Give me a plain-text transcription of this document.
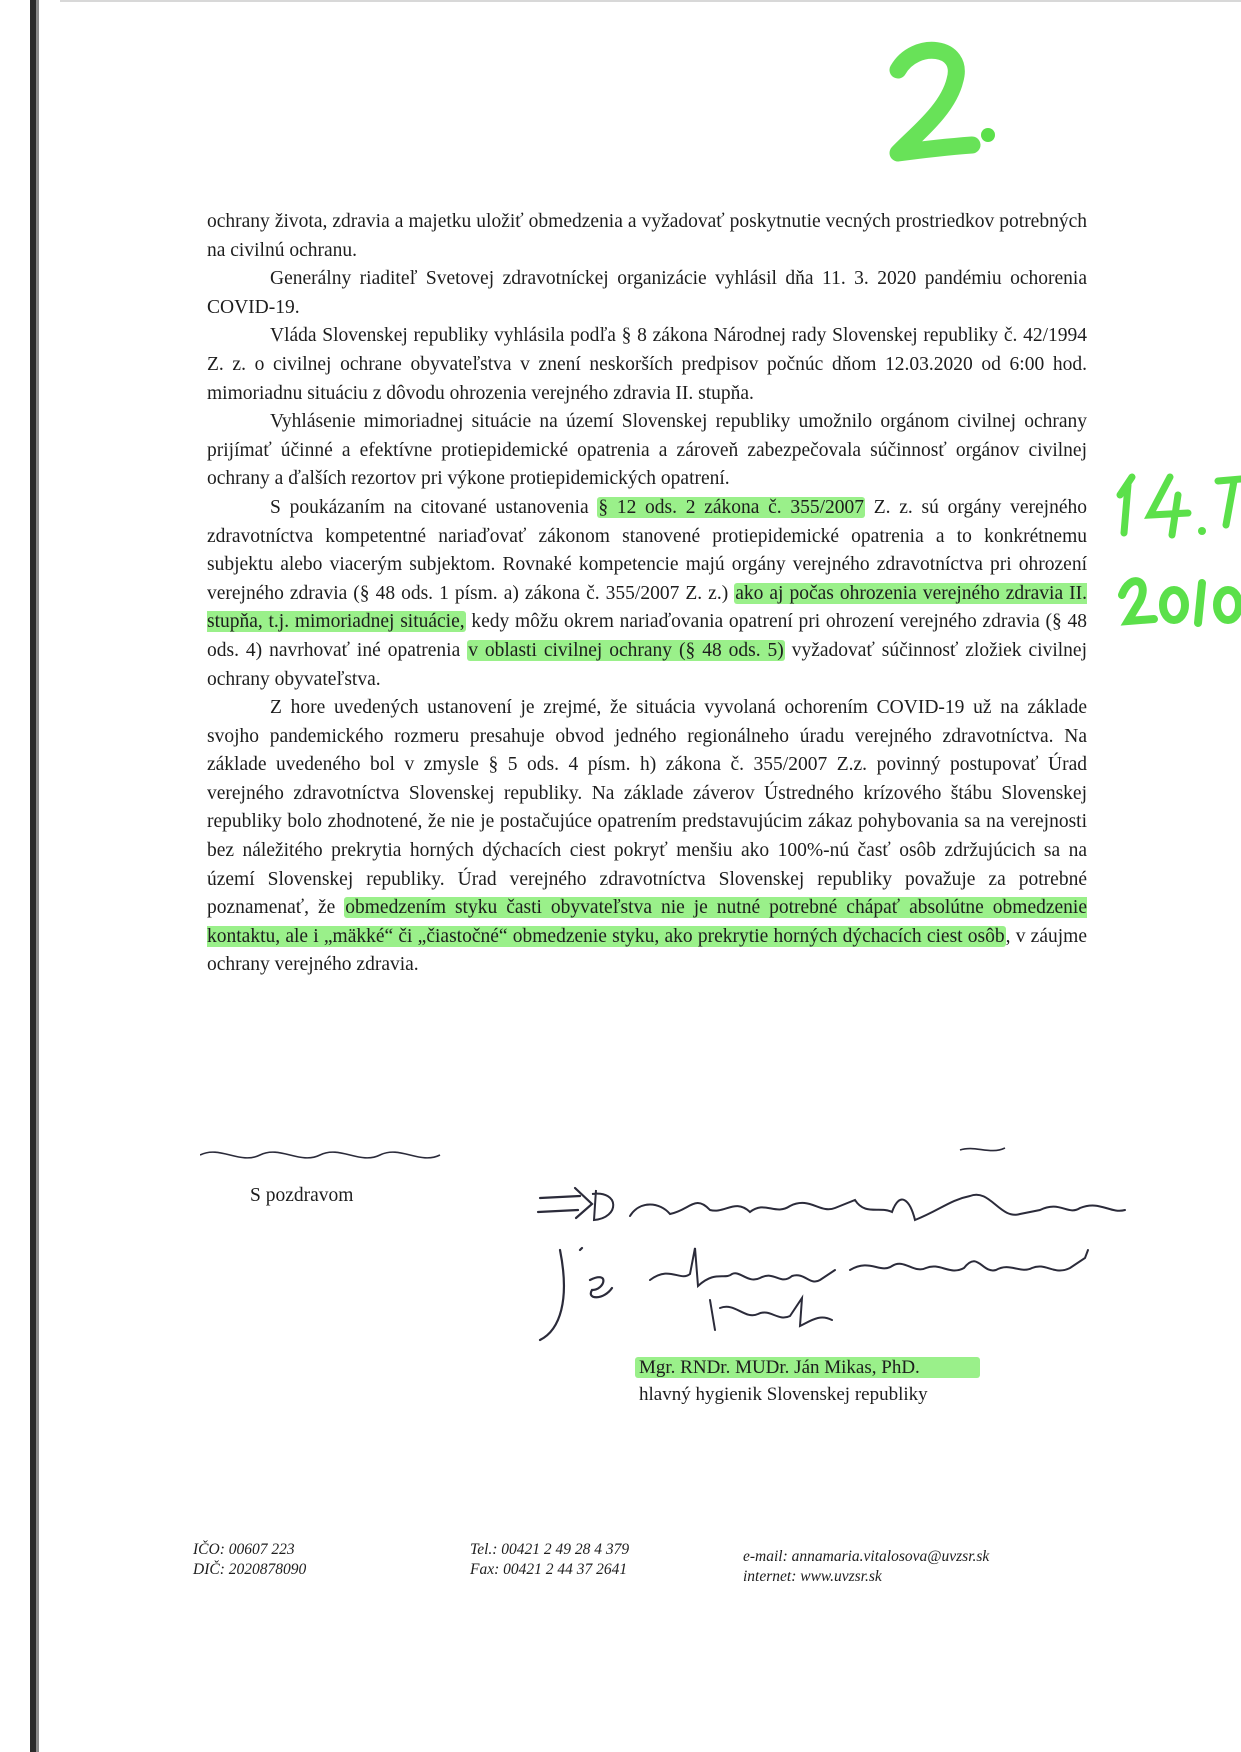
ochrany života, zdravia a majetku uložiť obmedzenia a vyžadovať poskytnutie vecných prostriedkov potrebných na civilnú ochranu.

Generálny riaditeľ Svetovej zdravotníckej organizácie vyhlásil dňa 11. 3. 2020 pandémiu ochorenia COVID-19.

Vláda Slovenskej republiky vyhlásila podľa § 8 zákona Národnej rady Slovenskej republiky č. 42/1994 Z. z. o civilnej ochrane obyvateľstva v znení neskorších predpisov počnúc dňom 12.03.2020 od 6:00 hod. mimoriadnu situáciu z dôvodu ohrozenia verejného zdravia II. stupňa.

Vyhlásenie mimoriadnej situácie na území Slovenskej republiky umožnilo orgánom civilnej ochrany prijímať účinné a efektívne protiepidemické opatrenia a zároveň zabezpečovala súčinnosť orgánov civilnej ochrany a ďalších rezortov pri výkone protiepidemických opatrení.

S poukázaním na citované ustanovenia § 12 ods. 2 zákona č. 355/2007 Z. z. sú orgány verejného zdravotníctva kompetentné nariaďovať zákonom stanovené protiepidemické opatrenia a to konkrétnemu subjektu alebo viacerým subjektom. Rovnaké kompetencie majú orgány verejného zdravotníctva pri ohrození verejného zdravia (§ 48 ods. 1 písm. a) zákona č. 355/2007 Z. z.) ako aj počas ohrozenia verejného zdravia II. stupňa, t.j. mimoriadnej situácie, kedy môžu okrem nariaďovania opatrení pri ohrození verejného zdravia (§ 48 ods. 4) navrhovať iné opatrenia v oblasti civilnej ochrany (§ 48 ods. 5) vyžadovať súčinnosť zložiek civilnej ochrany obyvateľstva.

Z hore uvedených ustanovení je zrejmé, že situácia vyvolaná ochorením COVID-19 už na základe svojho pandemického rozmeru presahuje obvod jedného regionálneho úradu verejného zdravotníctva. Na základe uvedeného bol v zmysle § 5 ods. 4 písm. h) zákona č. 355/2007 Z.z. povinný postupovať Úrad verejného zdravotníctva Slovenskej republiky. Na základe záverov Ústredného krízového štábu Slovenskej republiky bolo zhodnotené, že nie je postačujúce opatrením predstavujúcim zákaz pohybovania sa na verejnosti bez náležitého prekrytia horných dýchacích ciest pokryť menšiu ako 100%-nú časť osôb zdržujúcich sa na území Slovenskej republiky. Úrad verejného zdravotníctva Slovenskej republiky považuje za potrebné poznamenať, že obmedzením styku časti obyvateľstva nie je nutné potrebné chápať absolútne obmedzenie kontaktu, ale i „mäkké“ či „čiastočné“ obmedzenie styku, ako prekrytie horných dýchacích ciest osôb, v záujme ochrany verejného zdravia.

S pozdravom
Mgr. RNDr. MUDr. Ján Mikas, PhD.
hlavný hygienik Slovenskej republiky
IČO: 00607 223
DIČ: 2020878090
Tel.: 00421 2 49 28 4 379
Fax: 00421 2 44 37 2641
e-mail: annamaria.vitalosova@uvzsr.sk
internet: www.uvzsr.sk
